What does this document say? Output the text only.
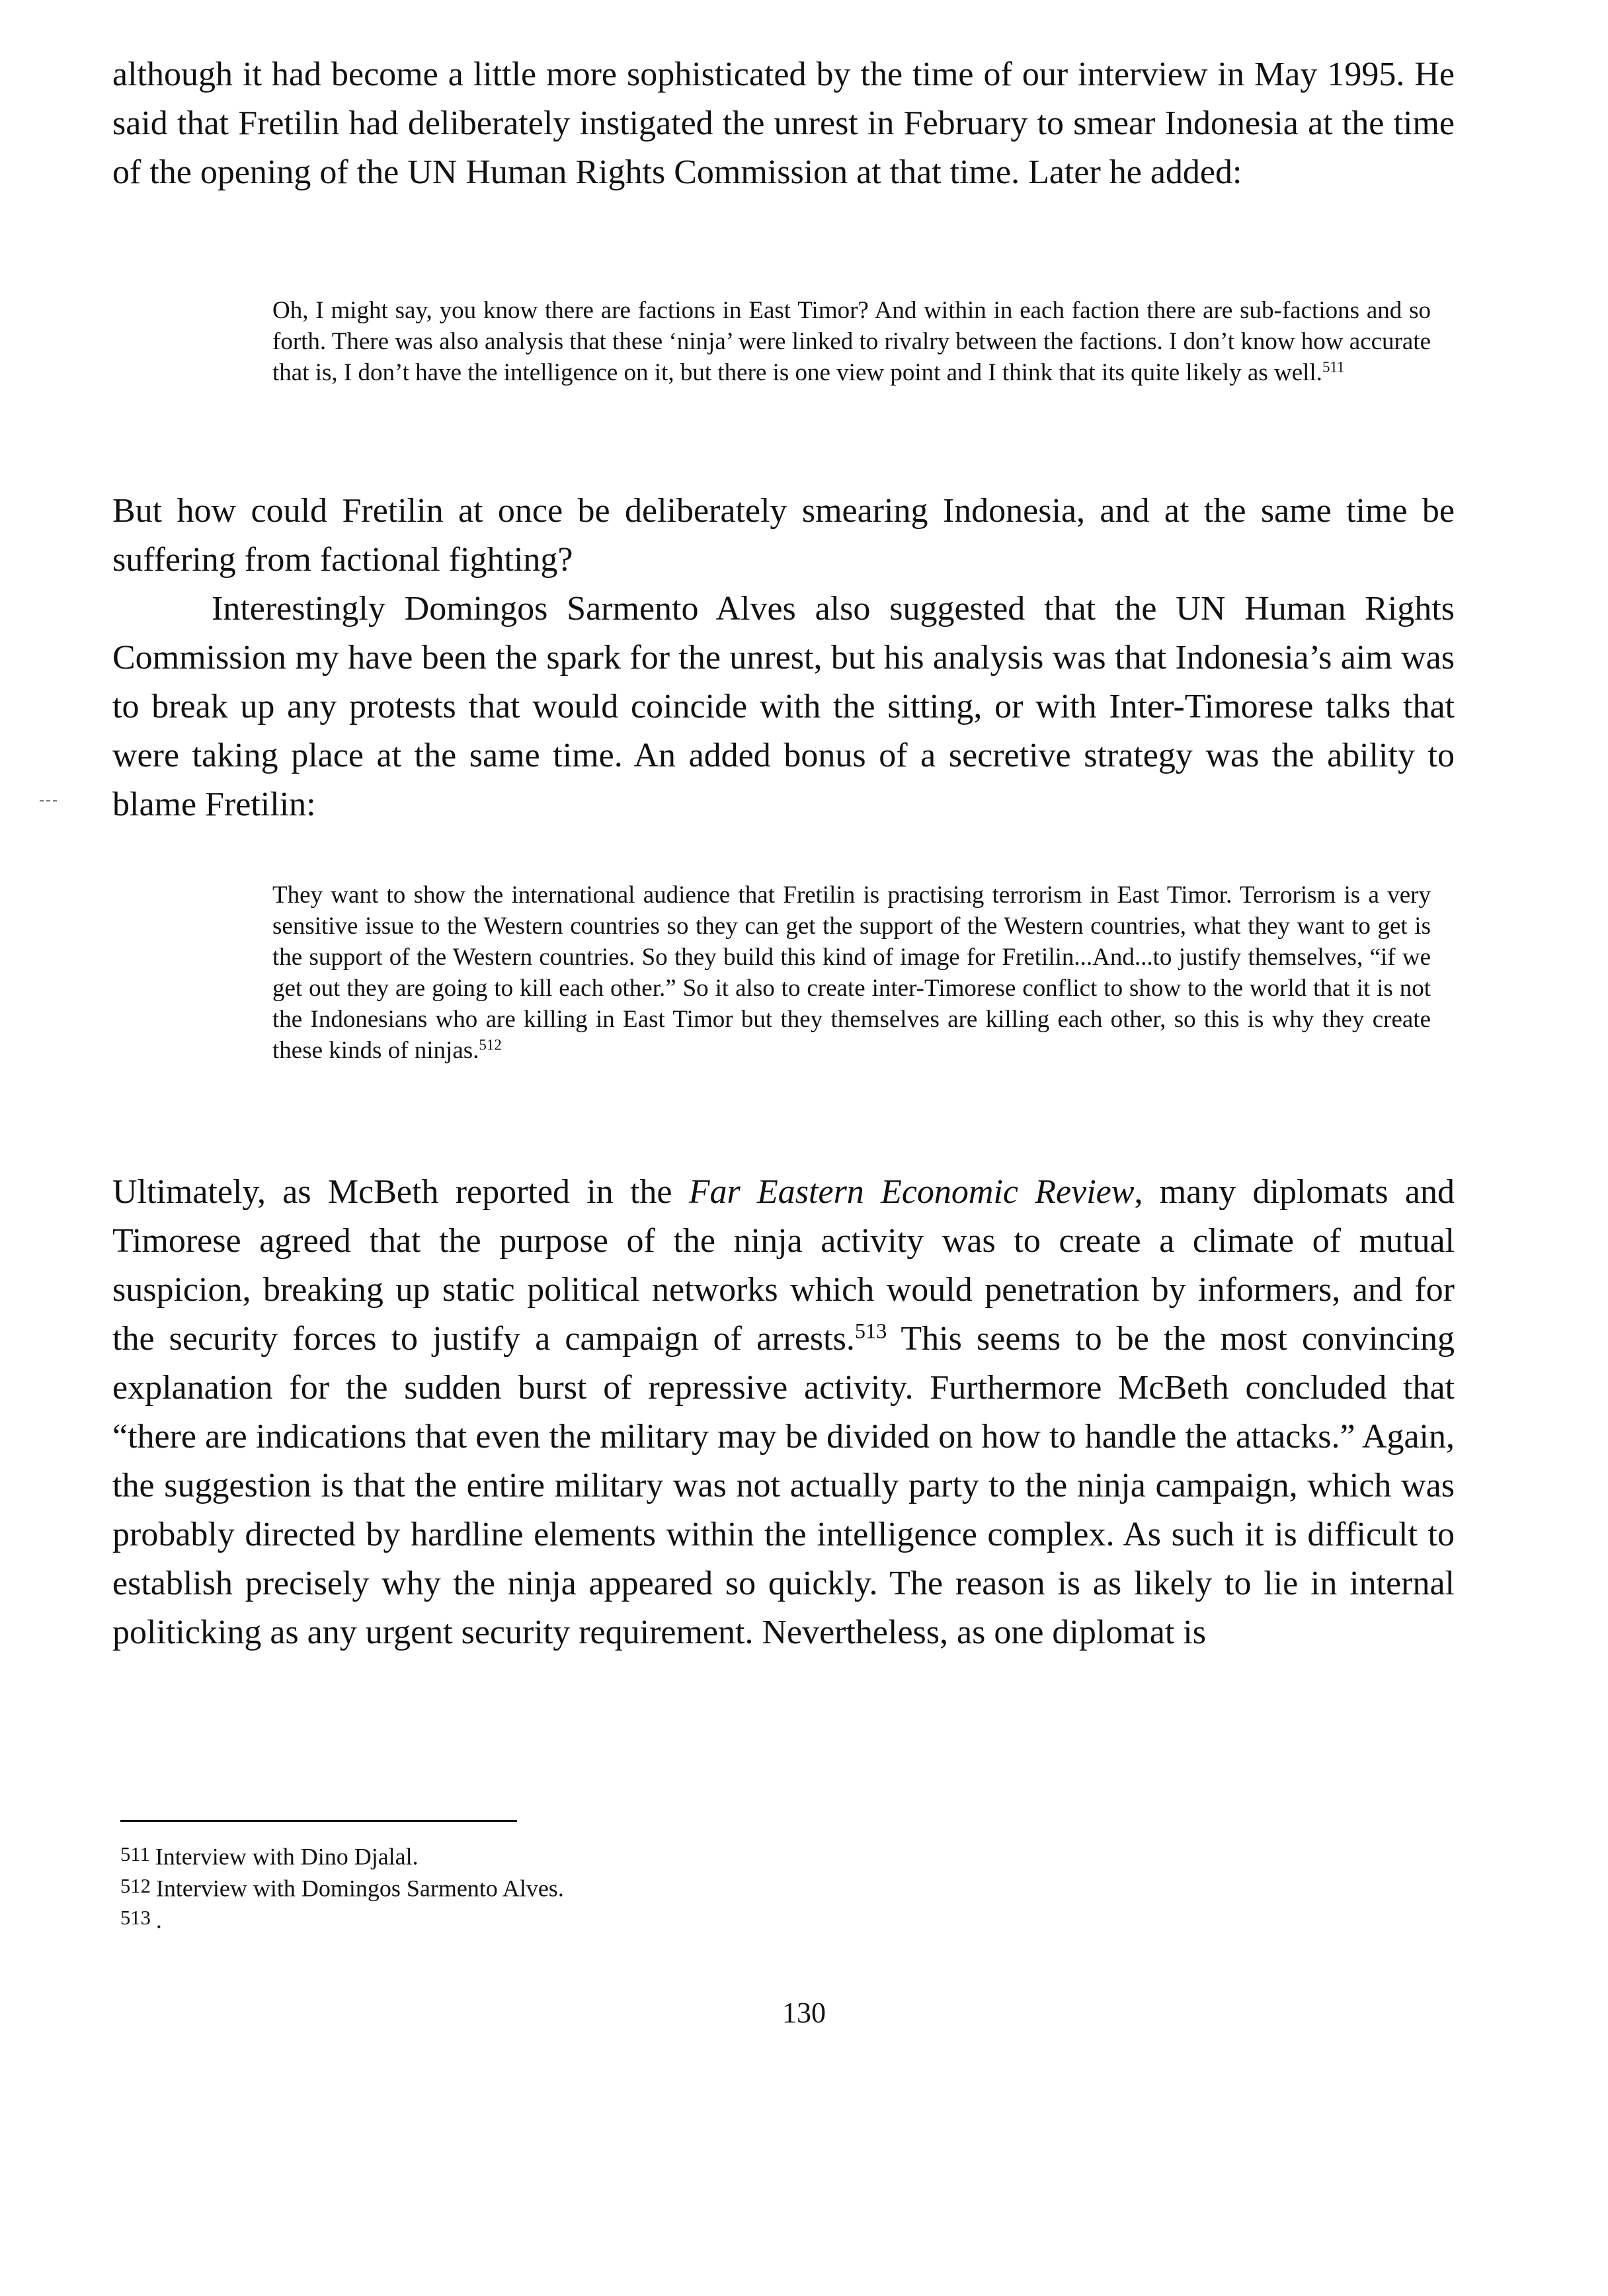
although it had become a little more sophisticated by the time of our interview in May 1995. He said that Fretilin had deliberately instigated the unrest in February to smear Indonesia at the time of the opening of the UN Human Rights Commission at that time. Later he added:

Oh, I might say, you know there are factions in East Timor? And within in each faction there are sub-factions and so forth. There was also analysis that these ‘ninja’ were linked to rivalry between the factions. I don’t know how accurate that is, I don’t have the intelligence on it, but there is one view point and I think that its quite likely as well.$^{511}$

But how could Fretilin at once be deliberately smearing Indonesia, and at the same time be suffering from factional fighting?

Interestingly Domingos Sarmento Alves also suggested that the UN Human Rights Commission my have been the spark for the unrest, but his analysis was that Indonesia’s aim was to break up any protests that would coincide with the sitting, or with Inter-Timorese talks that were taking place at the same time. An added bonus of a secretive strategy was the ability to blame Fretilin:

They want to show the international audience that Fretilin is practising terrorism in East Timor. Terrorism is a very sensitive issue to the Western countries so they can get the support of the Western countries, what they want to get is the support of the Western countries. So they build this kind of image for Fretilin...And...to justify themselves, “if we get out they are going to kill each other.” So it also to create inter-Timorese conflict to show to the world that it is not the Indonesians who are killing in East Timor but they themselves are killing each other, so this is why they create these kinds of ninjas.$^{512}$

Ultimately, as McBeth reported in the Far Eastern Economic Review, many diplomats and Timorese agreed that the purpose of the ninja activity was to create a climate of mutual suspicion, breaking up static political networks which would penetration by informers, and for the security forces to justify a campaign of arrests.$^{513}$ This seems to be the most convincing explanation for the sudden burst of repressive activity. Furthermore McBeth concluded that “there are indications that even the military may be divided on how to handle the attacks.” Again, the suggestion is that the entire military was not actually party to the ninja campaign, which was probably directed by hardline elements within the intelligence complex. As such it is difficult to establish precisely why the ninja appeared so quickly. The reason is as likely to lie in internal politicking as any urgent security requirement. Nevertheless, as one diplomat is

511 Interview with Dino Djalal.

512 Interview with Domingos Sarmento Alves.

513 .

130
